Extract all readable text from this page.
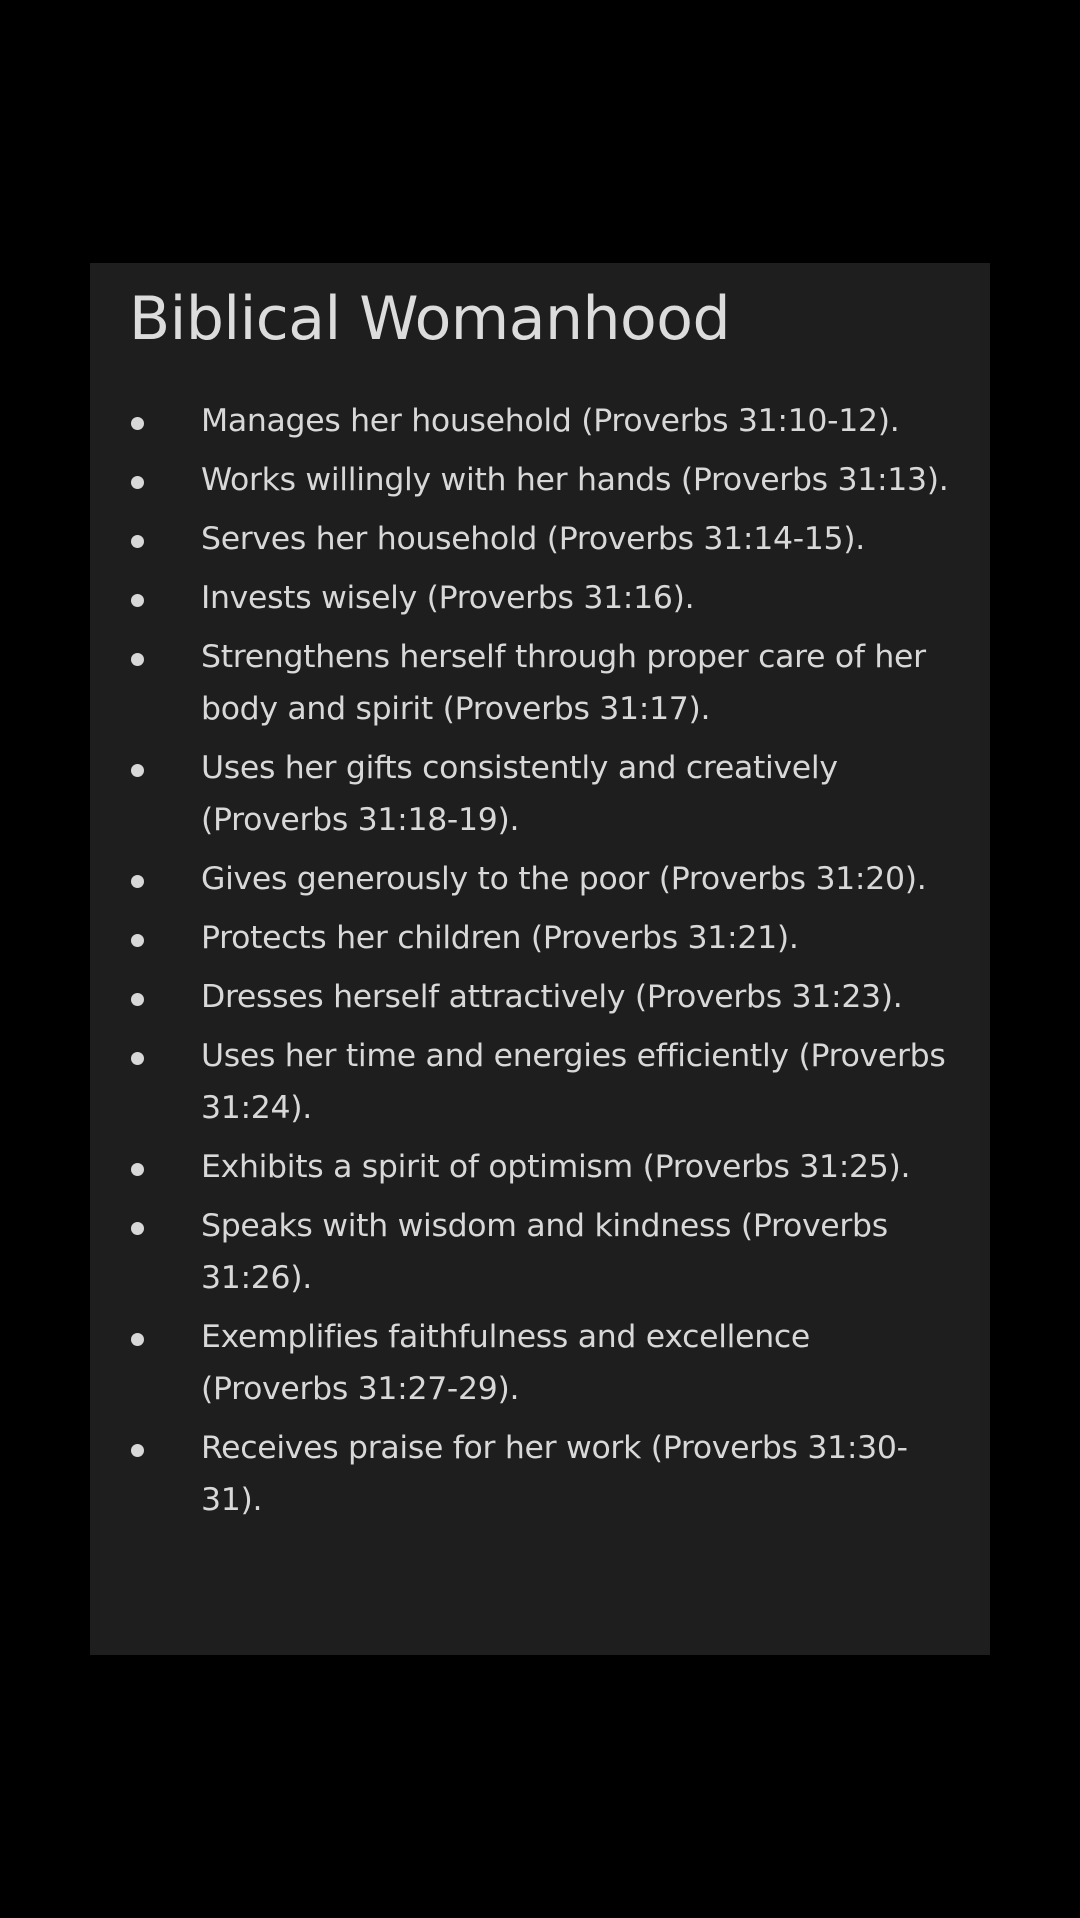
Biblical Womanhood
Manages her household (Proverbs 31:10-12).
Works willingly with her hands (Proverbs 31:13).
Serves her household (Proverbs 31:14-15).
Invests wisely (Proverbs 31:16).
Strengthens herself through proper care of her body and spirit (Proverbs 31:17).
Uses her gifts consistently and creatively (Proverbs 31:18-19).
Gives generously to the poor (Proverbs 31:20).
Protects her children (Proverbs 31:21).
Dresses herself attractively (Proverbs 31:23).
Uses her time and energies efficiently (Proverbs 31:24).
Exhibits a spirit of optimism (Proverbs 31:25).
Speaks with wisdom and kindness (Proverbs 31:26).
Exemplifies faithfulness and excellence (Proverbs 31:27-29).
Receives praise for her work (Proverbs 31:30-31).
